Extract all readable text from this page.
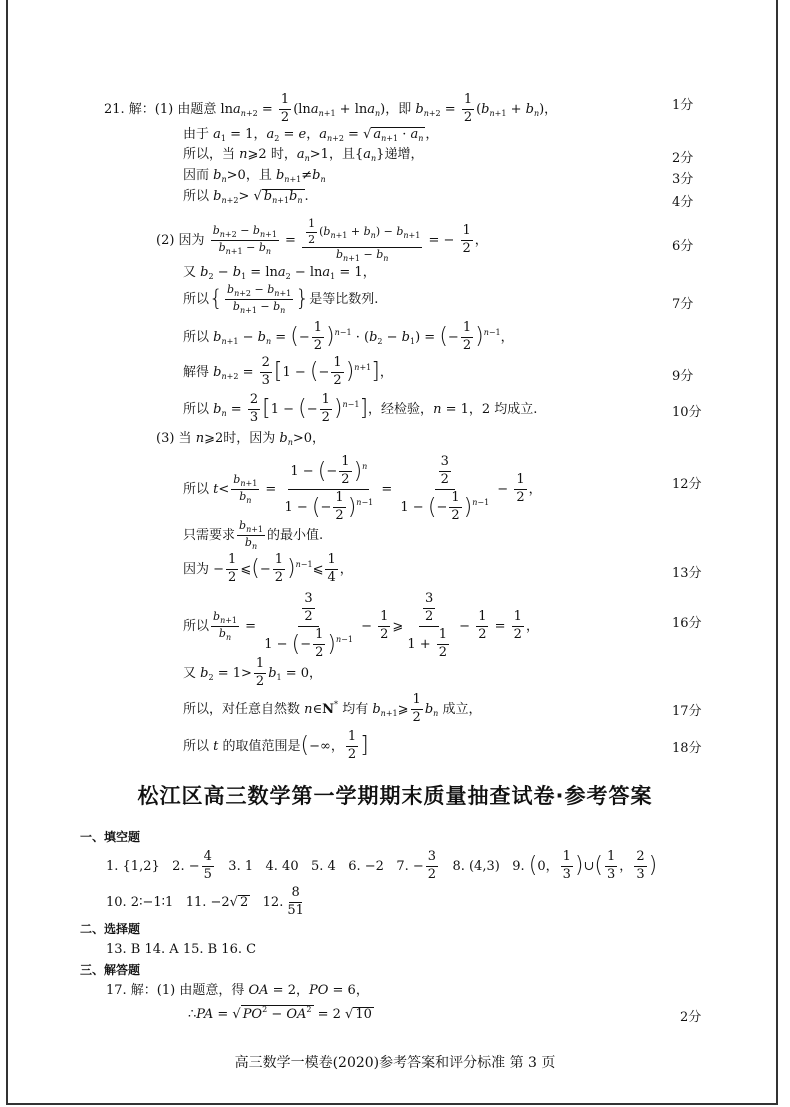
21. 解：(1) 由题意 $\ln a_{n+2} = \frac{1}{2} (\ln a_{n+1} + \ln a_n)$，即 $b_{n+2} = \frac{1}{2} (b_{n+1} + b_n)$，	1分
由于 $a_1 = 1$，$a_2 = e$，$a_{n+2}$ = √ $a_{n+1} \cdot a_n$ ，
所以，当 n⩾2 时，$a_n>1$，且$\{a_n\}$递增，	2分
因而 $b_n>0$，且 $b_{n+1}\ne b_n$	3分
所以 $b_{n+2}>$ √ $b_{n+1}b_n$ .	4分
(2) 因为 $\frac{b_{n+2} - b_{n+1}}{b_{n+1} - b_n} = \frac{\frac{1}{2} (b_{n+1} + b_n) - b_{n+1}}{b_{n+1} - b_n}$ = − $\frac{1}{2}$ ，	6分
又 $b_2 - b_1 = \ln a_2 - \ln a_1 = 1$，
所以{ $\frac{b_{n+2} - b_{n+1}}{b_{n+1} - b_n}$ }是等比数列.	7分
所以 $b_{n+1} - b_n$ = (− $\frac{1}{2} )^{n-1} \cdot (b_2 - b_1)$ = (− $\frac{1}{2} )^{n-1}$，
解得 $b_{n+2} = \frac{2}{3} [1$ − (− $\frac{1}{2} )^{n+1}$]，	9分
所以 $b_n = \frac{2}{3} [1$ − (− $\frac{1}{2} )^{n-1}$]，经检验，n = 1，2 均成立.	10分
(3) 当 n⩾2时，因为 $b_n>0$，
所以 $t< \frac{b_{n+1}}{b_n} = \frac{1 - (- \frac{1}{2} )^n}{1 - (- \frac{1}{2} )^{n-1}} = \frac{\frac{3}{2}}{1 - (- \frac{1}{2} )^{n-1}} - \frac{1}{2}$ ，	12分
只需要求 $\frac{b_{n+1}}{b_n}$ 的最小值.
因为 − $\frac{1}{2}$ ⩽(− $\frac{1}{2}$ )$^{n-1}$⩽ $\frac{1}{4}$ ，	13分
所以 $\frac{b_{n+1}}{b_n} = \frac{\frac{3}{2}}{1 - (- \frac{1}{2} )^{n-1}} - \frac{1}{2}$ ⩾ $\frac{\frac{3}{2}}{1 + \frac{1}{2}} - \frac{1}{2} = \frac{1}{2}$ ，	16分
又 $b_2 = 1> \frac{1}{2} b_1 = 0$，
所以，对任意自然数 n∈N* 均有 $b_{n+1}⩾ \frac{1}{2} b_n$ 成立，	17分
所以 t 的取值范围是(−∞， $\frac{1}{2}$ ]	18分
松江区高三数学第一学期期末质量抽查试卷·参考答案
一、填空题
1. {1,2} 2. − $\frac{4}{5} 3$. 1 4. 40 5. 4 6. −2 7. − $\frac{3}{2} 8$. (4,3) 9. (0， $\frac{1}{3}$ )∪( $\frac{1}{3}$ ， $\frac{2}{3}$ )
10. 2∶−1∶1 11. −2√ 2 12. $\frac{8}{51}$
二、选择题
13. B 14. A 15. B 16. C
三、解答题
17. 解：(1) 由题意，得 OA = 2，PO = 6，
∴PA = √ $PO^2 - OA^2 = 2$ √ 10	2分
高三数学一模卷(2020)参考答案和评分标准 第 3 页
